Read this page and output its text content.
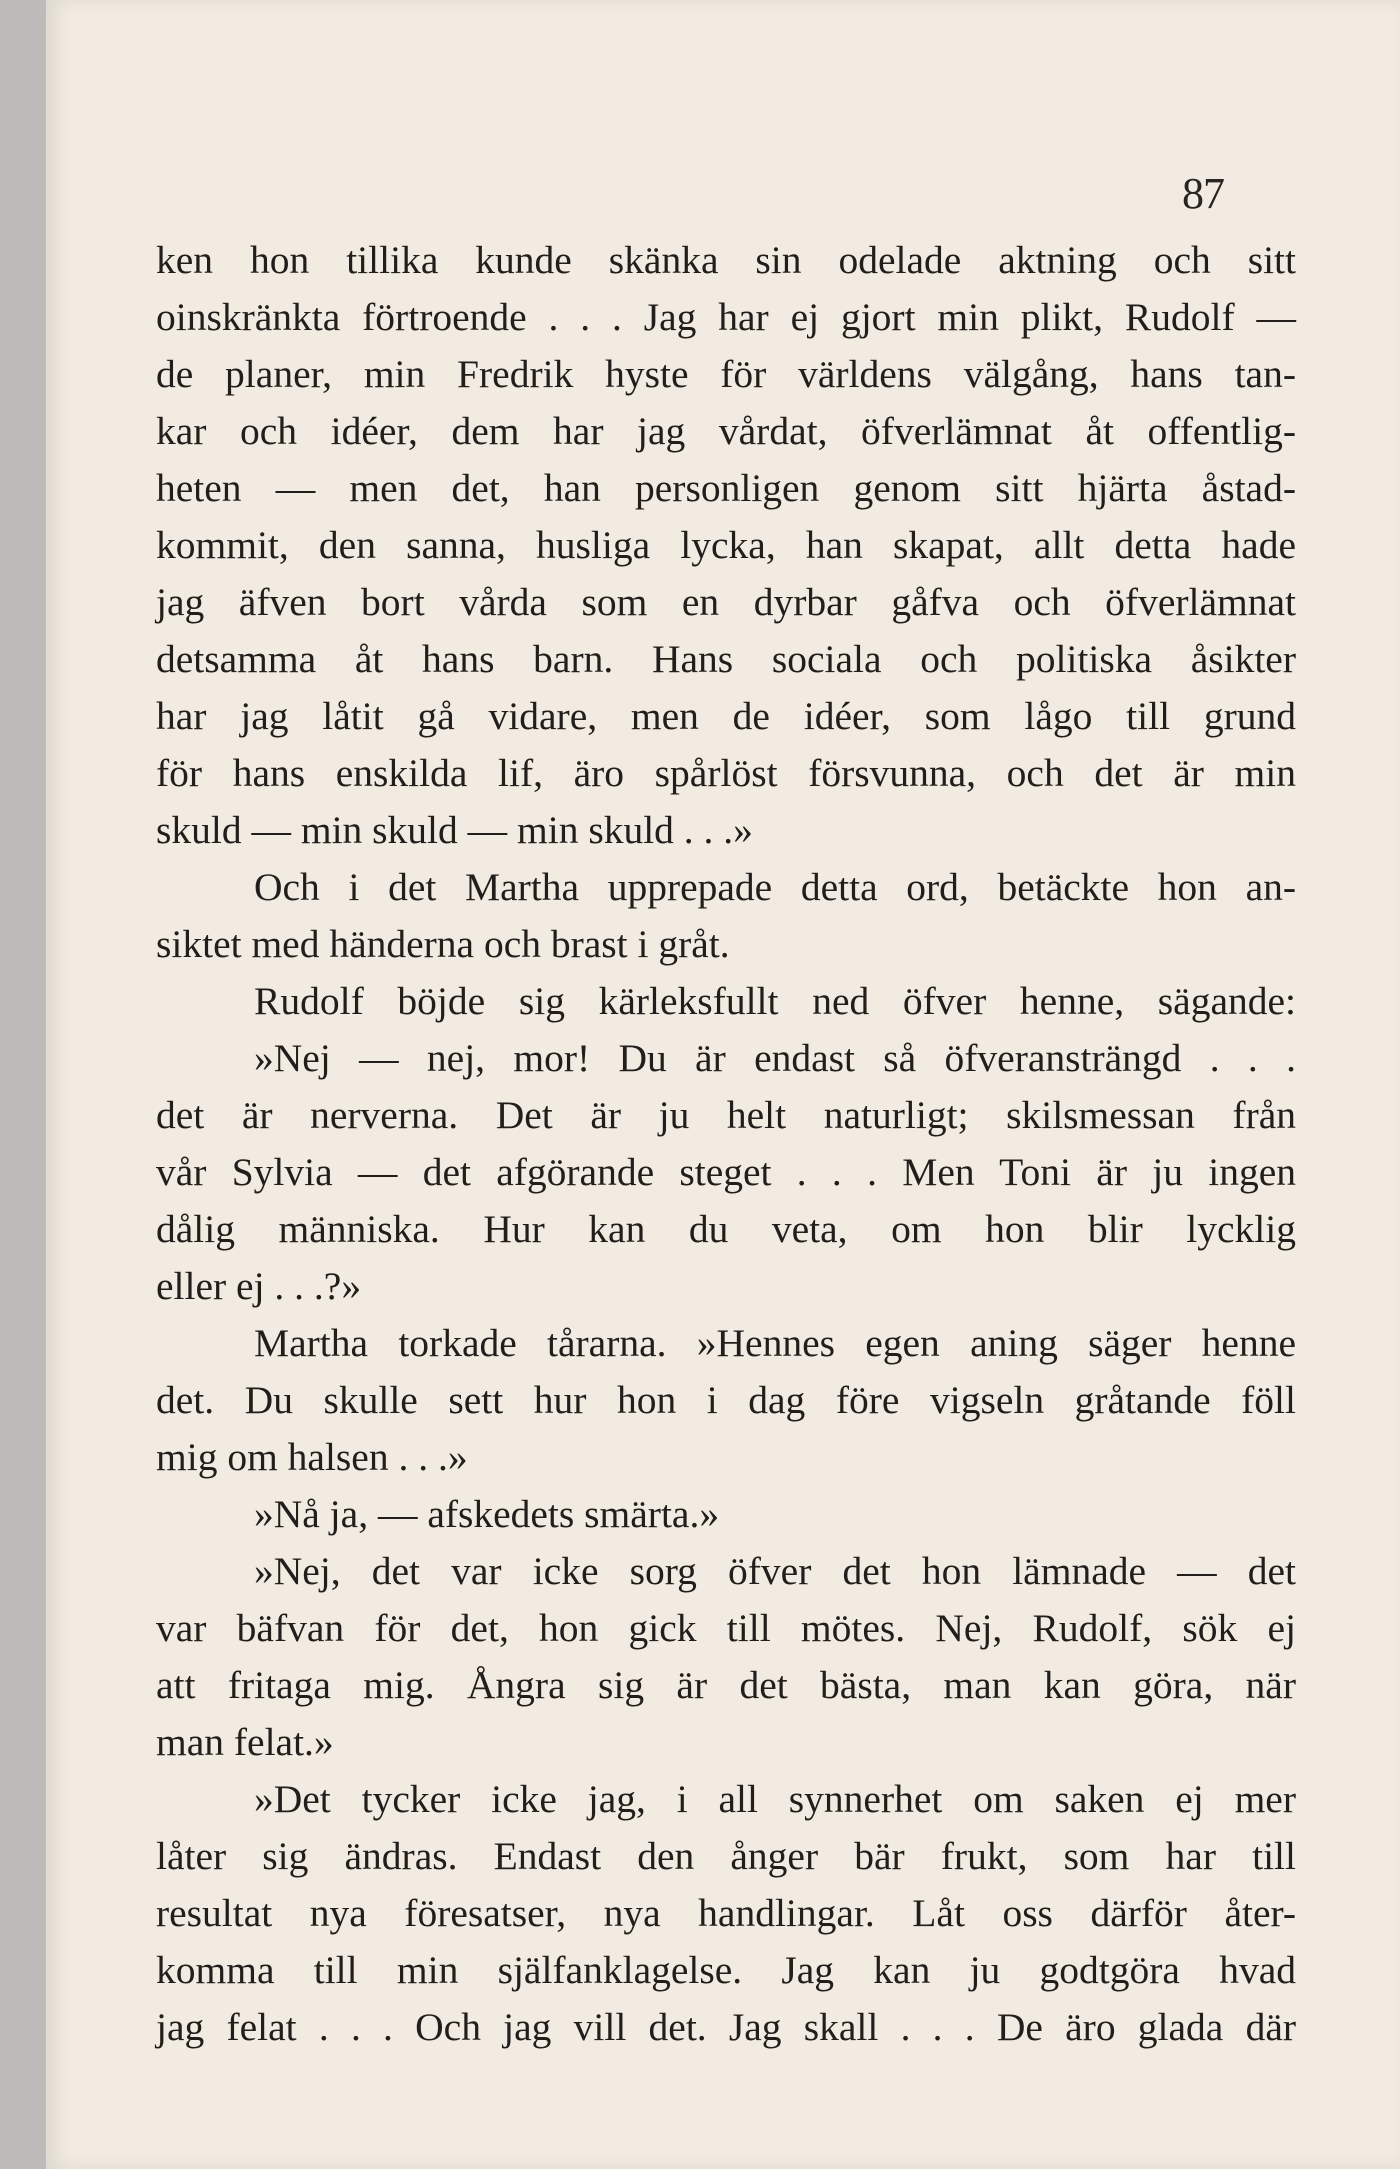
87
ken hon tillika kunde skänka sin odelade aktning och sitt
oinskränkta förtroende . . . Jag har ej gjort min plikt, Rudolf —
de planer, min Fredrik hyste för världens välgång, hans tan-
kar och idéer, dem har jag vårdat, öfverlämnat åt offentlig-
heten — men det, han personligen genom sitt hjärta åstad-
kommit, den sanna, husliga lycka, han skapat, allt detta hade
jag äfven bort vårda som en dyrbar gåfva och öfverlämnat
detsamma åt hans barn. Hans sociala och politiska åsikter
har jag låtit gå vidare, men de idéer, som lågo till grund
för hans enskilda lif, äro spårlöst försvunna, och det är min
skuld — min skuld — min skuld . . .»
Och i det Martha upprepade detta ord, betäckte hon an-
siktet med händerna och brast i gråt.
Rudolf böjde sig kärleksfullt ned öfver henne, sägande:
»Nej — nej, mor! Du är endast så öfveransträngd . . .
det är nerverna. Det är ju helt naturligt; skilsmessan från
vår Sylvia — det afgörande steget . . . Men Toni är ju ingen
dålig människa. Hur kan du veta, om hon blir lycklig
eller ej . . .?»
Martha torkade tårarna. »Hennes egen aning säger henne
det. Du skulle sett hur hon i dag före vigseln gråtande föll
mig om halsen . . .»
»Nå ja, — afskedets smärta.»
»Nej, det var icke sorg öfver det hon lämnade — det
var bäfvan för det, hon gick till mötes. Nej, Rudolf, sök ej
att fritaga mig. Ångra sig är det bästa, man kan göra, när
man felat.»
»Det tycker icke jag, i all synnerhet om saken ej mer
låter sig ändras. Endast den ånger bär frukt, som har till
resultat nya föresatser, nya handlingar. Låt oss därför åter-
komma till min själfanklagelse. Jag kan ju godtgöra hvad
jag felat . . . Och jag vill det. Jag skall . . . De äro glada där
